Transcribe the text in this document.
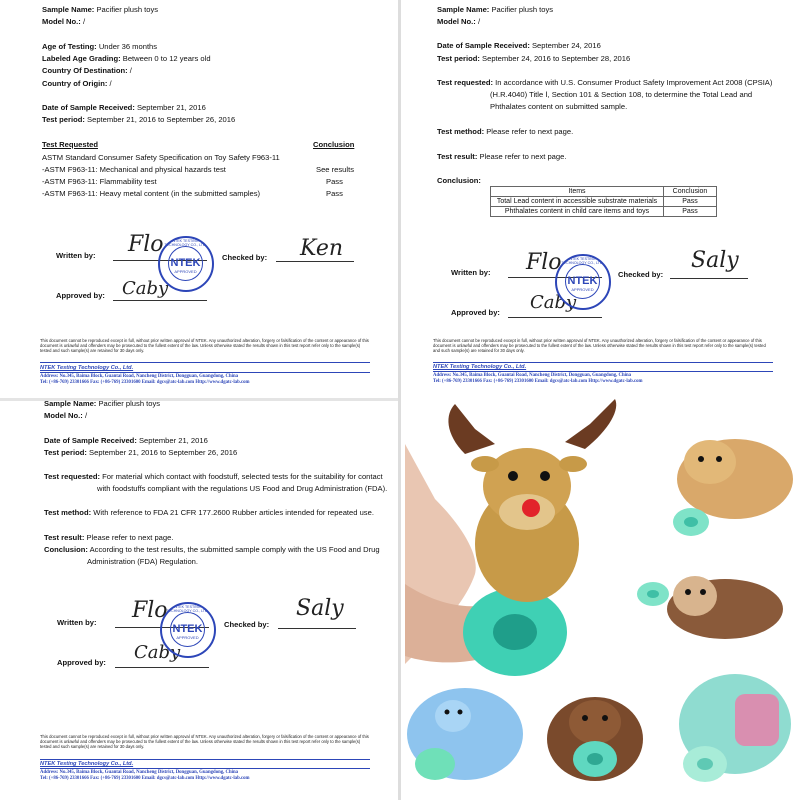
Sample Name: Pacifier plush toys
Model No.: /
Age of Testing: Under 36 months
Labeled Age Grading: Between 0 to 12 years old
Country Of Destination: /
Country of Origin: /
Date of Sample Received: September 21, 2016
Test period: September 21, 2016 to September 26, 2016
Test Requested	Conclusion
ASTM Standard Consumer Safety Specification on Toy Safety F963-11
-ASTM F963-11: Mechanical and physical hazards test	See results
-ASTM F963-11: Flammability test	Pass
-ASTM F963-11: Heavy metal content (in the submitted samples)	Pass
Written by: Flo
Checked by: Ken
Approved by: Caby
NTEK TESTING TECHNOLOGY CO., LTD.
NTEK
APPROVED
This document cannot be reproduced except in full, without prior written approval of NTEK. Any unauthorized alteration, forgery or falsification of the content or appearance of this document is unlawful and offenders may be prosecuted to the fullest extent of the law. Unless otherwise stated the results shown in this test report refer only to the sample(s) tested and such sample(s) are retained for 30 days only.
NTEK Testing Technology Co., Ltd.
Address: No.345, Baima Block, Guantai Road, Nancheng District, Dongguan, Guangdong, China
Tel: (+86-769) 23301666 Fax: (+86-769) 23301600 Email: dgcs@atc-lab.com Http://www.dgatc-lab.com
Sample Name: Pacifier plush toys
Model No.: /
Date of Sample Received: September 24, 2016
Test period: September 24, 2016 to September 28, 2016
Test requested: In accordance with U.S. Consumer Product Safety Improvement Act 2008 (CPSIA)
(H.R.4040) Title Ⅰ, Section 101 & Section 108, to determine the Total Lead and
Phthalates content on submitted sample.
Test method: Please refer to next page.
Test result: Please refer to next page.
Conclusion:
Items	Conclusion
Total Lead content in accessible substrate materials	Pass
Phthalates content in child care items and toys	Pass
Written by: Flo	Checked by:
Saly
Approved by: Caby
NTEK TESTING TECHNOLOGY CO., LTD.
NTEK
APPROVED
This document cannot be reproduced except in full, without prior written approval of NTEK. Any unauthorized alteration, forgery or falsification of the content or appearance of this document is unlawful and offenders may be prosecuted to the fullest extent of the law. Unless otherwise stated the results shown in this test report refer only to the sample(s) tested and such sample(s) are retained for 30 days only.
NTEK Testing Technology Co., Ltd.
Address: No.345, Baima Block, Guantai Road, Nancheng District, Dongguan, Guangdong, China
Tel: (+86-769) 23301666 Fax: (+86-769) 23301600 Email: dgcs@atc-lab.com Http://www.dgatc-lab.com
Sample Name: Pacifier plush toys
Model No.: /
Date of Sample Received: September 21, 2016
Test period: September 21, 2016 to September 26, 2016
Test requested: For material which contact with foodstuff, selected tests for the suitability for contact
with foodstuffs compliant with the regulations US Food and Drug Administration (FDA).
Test method: With reference to FDA 21 CFR 177.2600 Rubber articles intended for repeated use.
Test result: Please refer to next page.
Conclusion: According to the test results, the submitted sample comply with the US Food and Drug
Administration (FDA) Regulation.
Written by: Flo
Checked by:
Saly
Approved by: Caby
NTEK TESTING TECHNOLOGY CO., LTD.
NTEK
APPROVED
This document cannot be reproduced except in full, without prior written approval of NTEK. Any unauthorized alteration, forgery or falsification of the content or appearance of this document is unlawful and offenders may be prosecuted to the fullest extent of the law. Unless otherwise stated the results shown in this test report refer only to the sample(s) tested and such sample(s) are retained for 30 days only.
NTEK Testing Technology Co., Ltd.
Address: No.345, Baima Block, Guantai Road, Nancheng District, Dongguan, Guangdong, China
Tel: (+86-769) 23301666 Fax: (+86-769) 23301600 Email: dgcs@atc-lab.com Http://www.dgatc-lab.com
